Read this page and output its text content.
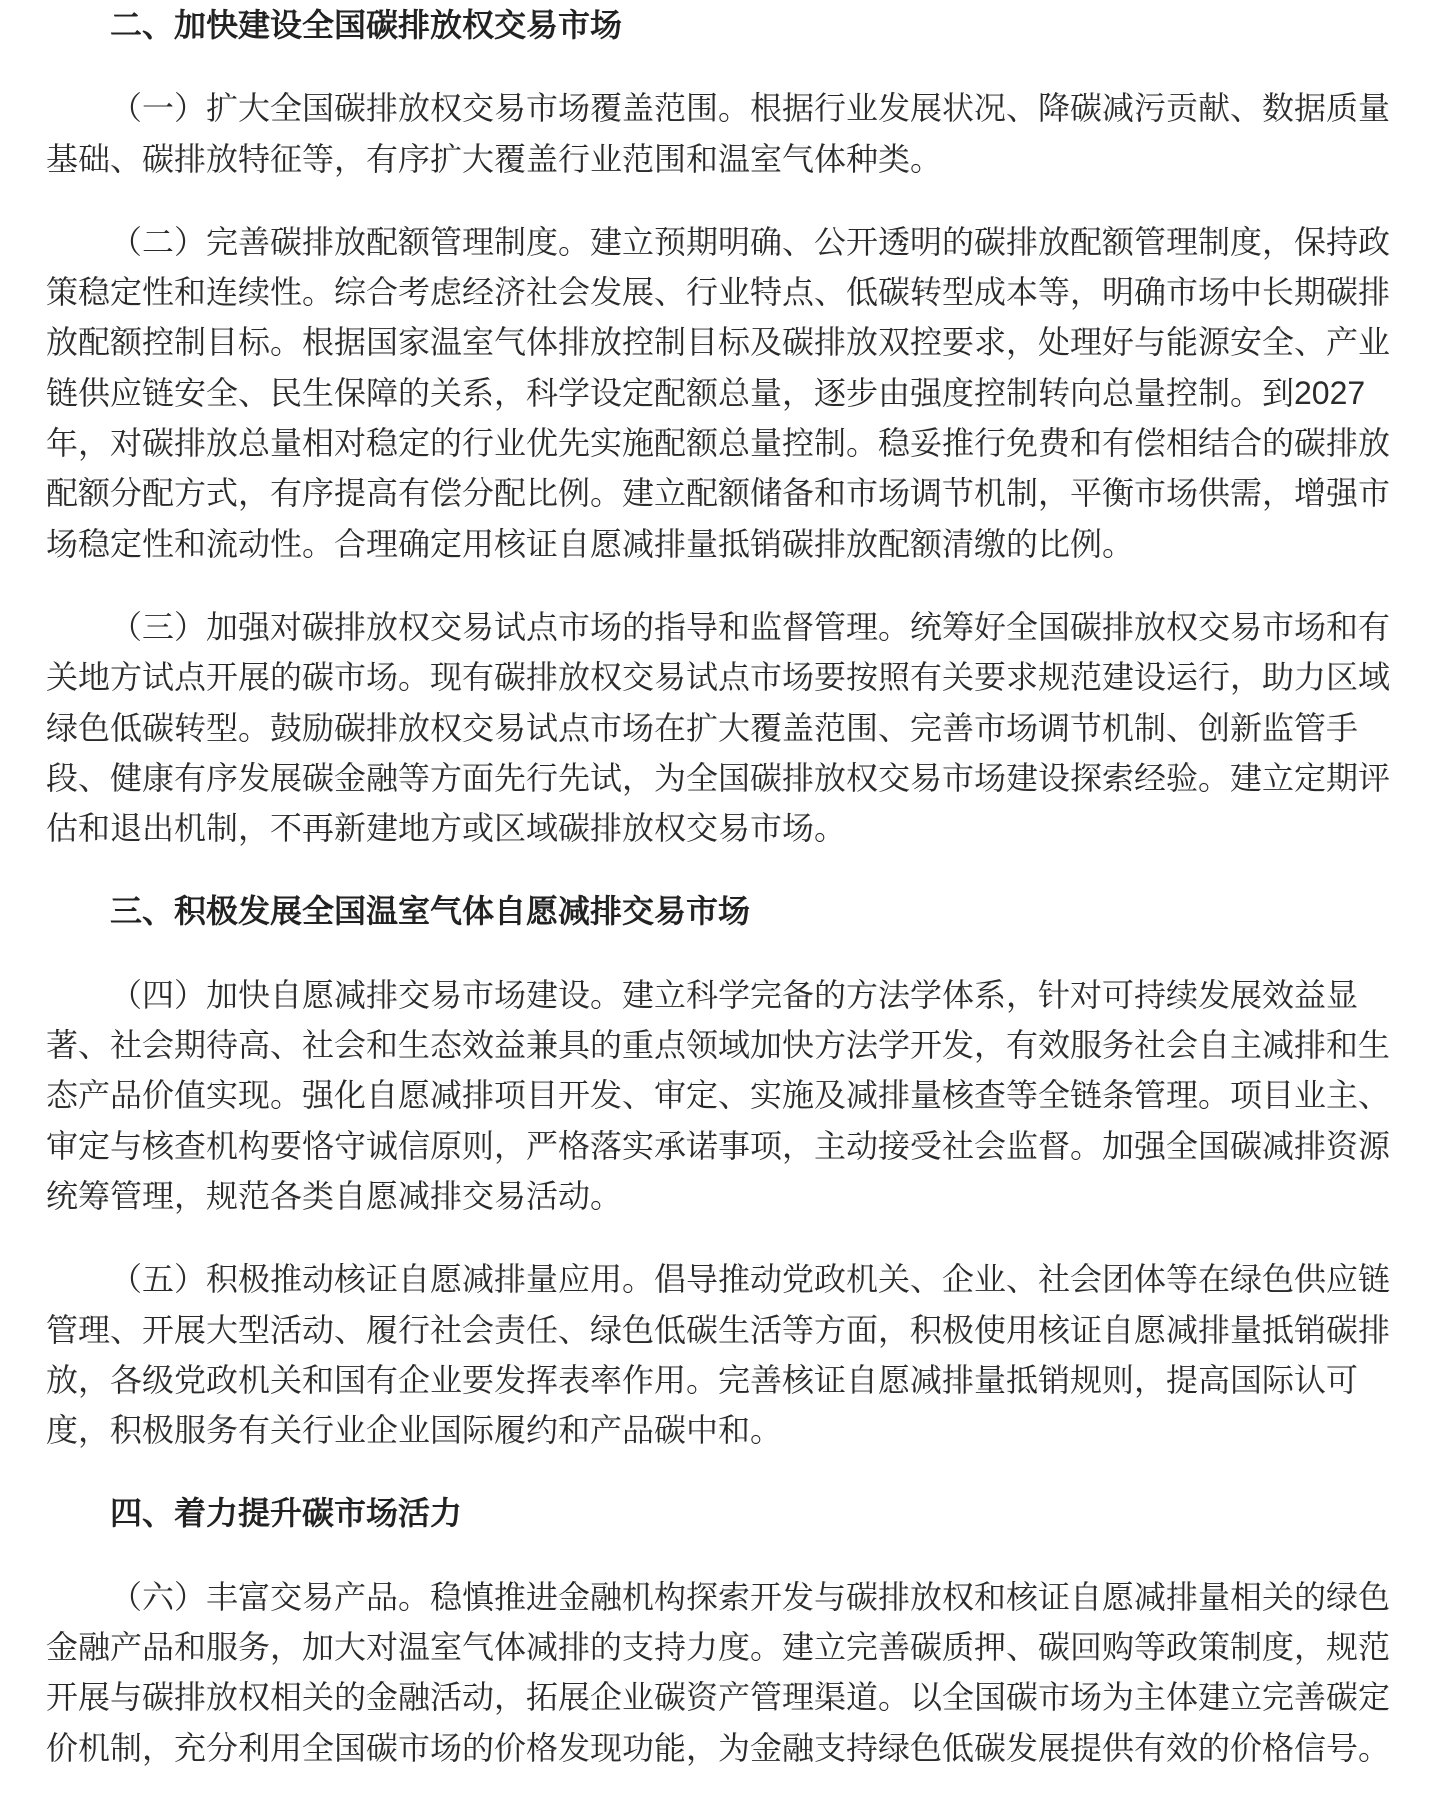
二、加快建设全国碳排放权交易市场
（一）扩大全国碳排放权交易市场覆盖范围。根据行业发展状况、降碳减污贡献、数据质量
基础、碳排放特征等，有序扩大覆盖行业范围和温室气体种类。
（二）完善碳排放配额管理制度。建立预期明确、公开透明的碳排放配额管理制度，保持政
策稳定性和连续性。综合考虑经济社会发展、行业特点、低碳转型成本等，明确市场中长期碳排
放配额控制目标。根据国家温室气体排放控制目标及碳排放双控要求，处理好与能源安全、产业
链供应链安全、民生保障的关系，科学设定配额总量，逐步由强度控制转向总量控制。到2027
年，对碳排放总量相对稳定的行业优先实施配额总量控制。稳妥推行免费和有偿相结合的碳排放
配额分配方式，有序提高有偿分配比例。建立配额储备和市场调节机制，平衡市场供需，增强市
场稳定性和流动性。合理确定用核证自愿减排量抵销碳排放配额清缴的比例。
（三）加强对碳排放权交易试点市场的指导和监督管理。统筹好全国碳排放权交易市场和有
关地方试点开展的碳市场。现有碳排放权交易试点市场要按照有关要求规范建设运行，助力区域
绿色低碳转型。鼓励碳排放权交易试点市场在扩大覆盖范围、完善市场调节机制、创新监管手
段、健康有序发展碳金融等方面先行先试，为全国碳排放权交易市场建设探索经验。建立定期评
估和退出机制，不再新建地方或区域碳排放权交易市场。
三、积极发展全国温室气体自愿减排交易市场
（四）加快自愿减排交易市场建设。建立科学完备的方法学体系，针对可持续发展效益显
著、社会期待高、社会和生态效益兼具的重点领域加快方法学开发，有效服务社会自主减排和生
态产品价值实现。强化自愿减排项目开发、审定、实施及减排量核查等全链条管理。项目业主、
审定与核查机构要恪守诚信原则，严格落实承诺事项，主动接受社会监督。加强全国碳减排资源
统筹管理，规范各类自愿减排交易活动。
（五）积极推动核证自愿减排量应用。倡导推动党政机关、企业、社会团体等在绿色供应链
管理、开展大型活动、履行社会责任、绿色低碳生活等方面，积极使用核证自愿减排量抵销碳排
放，各级党政机关和国有企业要发挥表率作用。完善核证自愿减排量抵销规则，提高国际认可
度，积极服务有关行业企业国际履约和产品碳中和。
四、着力提升碳市场活力
（六）丰富交易产品。稳慎推进金融机构探索开发与碳排放权和核证自愿减排量相关的绿色
金融产品和服务，加大对温室气体减排的支持力度。建立完善碳质押、碳回购等政策制度，规范
开展与碳排放权相关的金融活动，拓展企业碳资产管理渠道。以全国碳市场为主体建立完善碳定
价机制，充分利用全国碳市场的价格发现功能，为金融支持绿色低碳发展提供有效的价格信号。
